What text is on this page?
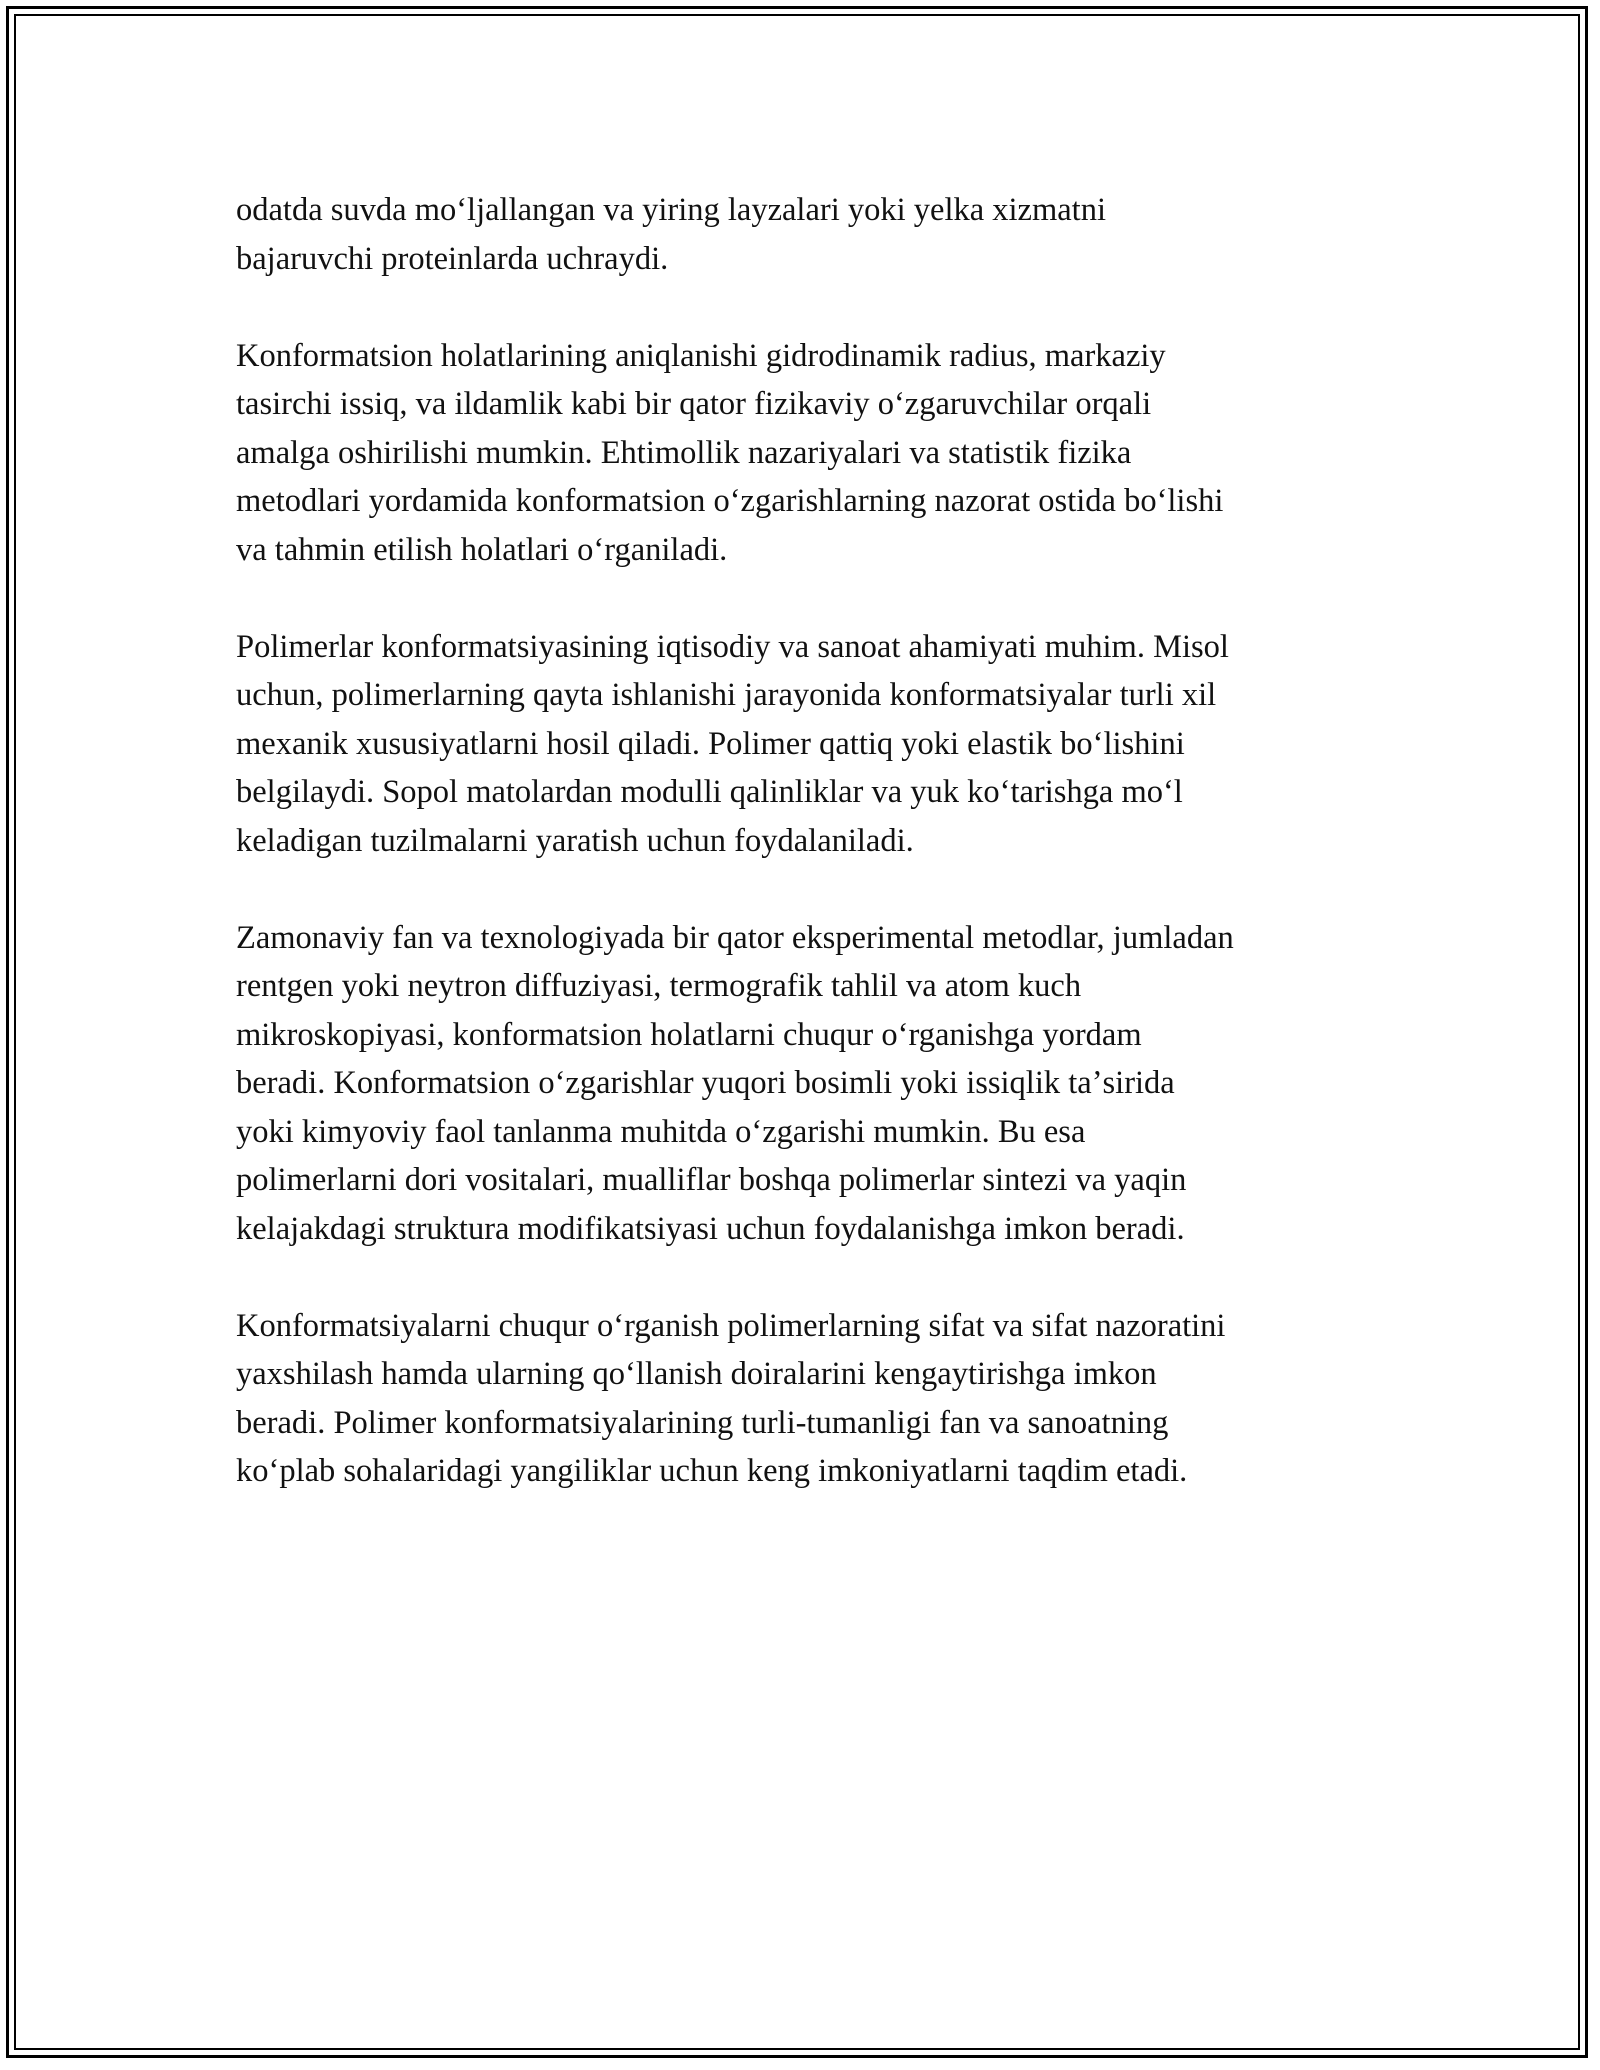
odatda suvda moʻljallangan va yiring layzalari yoki yelka xizmatni
bajaruvchi proteinlarda uchraydi.

Konformatsion holatlarining aniqlanishi gidrodinamik radius, markaziy
tasirchi issiq, va ildamlik kabi bir qator fizikaviy oʻzgaruvchilar orqali
amalga oshirilishi mumkin. Ehtimollik nazariyalari va statistik fizika
metodlari yordamida konformatsion oʻzgarishlarning nazorat ostida boʻlishi
va tahmin etilish holatlari oʻrganiladi.

Polimerlar konformatsiyasining iqtisodiy va sanoat ahamiyati muhim. Misol
uchun, polimerlarning qayta ishlanishi jarayonida konformatsiyalar turli xil
mexanik xususiyatlarni hosil qiladi. Polimer qattiq yoki elastik boʻlishini
belgilaydi. Sopol matolardan modulli qalinliklar va yuk koʻtarishga moʻl
keladigan tuzilmalarni yaratish uchun foydalaniladi.

Zamonaviy fan va texnologiyada bir qator eksperimental metodlar, jumladan
rentgen yoki neytron diffuziyasi, termografik tahlil va atom kuch
mikroskopiyasi, konformatsion holatlarni chuqur oʻrganishga yordam
beradi. Konformatsion oʻzgarishlar yuqori bosimli yoki issiqlik taʼsirida
yoki kimyoviy faol tanlanma muhitda oʻzgarishi mumkin. Bu esa
polimerlarni dori vositalari, mualliflar boshqa polimerlar sintezi va yaqin
kelajakdagi struktura modifikatsiyasi uchun foydalanishga imkon beradi.

Konformatsiyalarni chuqur oʻrganish polimerlarning sifat va sifat nazoratini
yaxshilash hamda ularning qoʻllanish doiralarini kengaytirishga imkon
beradi. Polimer konformatsiyalarining turli-tumanligi fan va sanoatning
koʻplab sohalaridagi yangiliklar uchun keng imkoniyatlarni taqdim etadi.
